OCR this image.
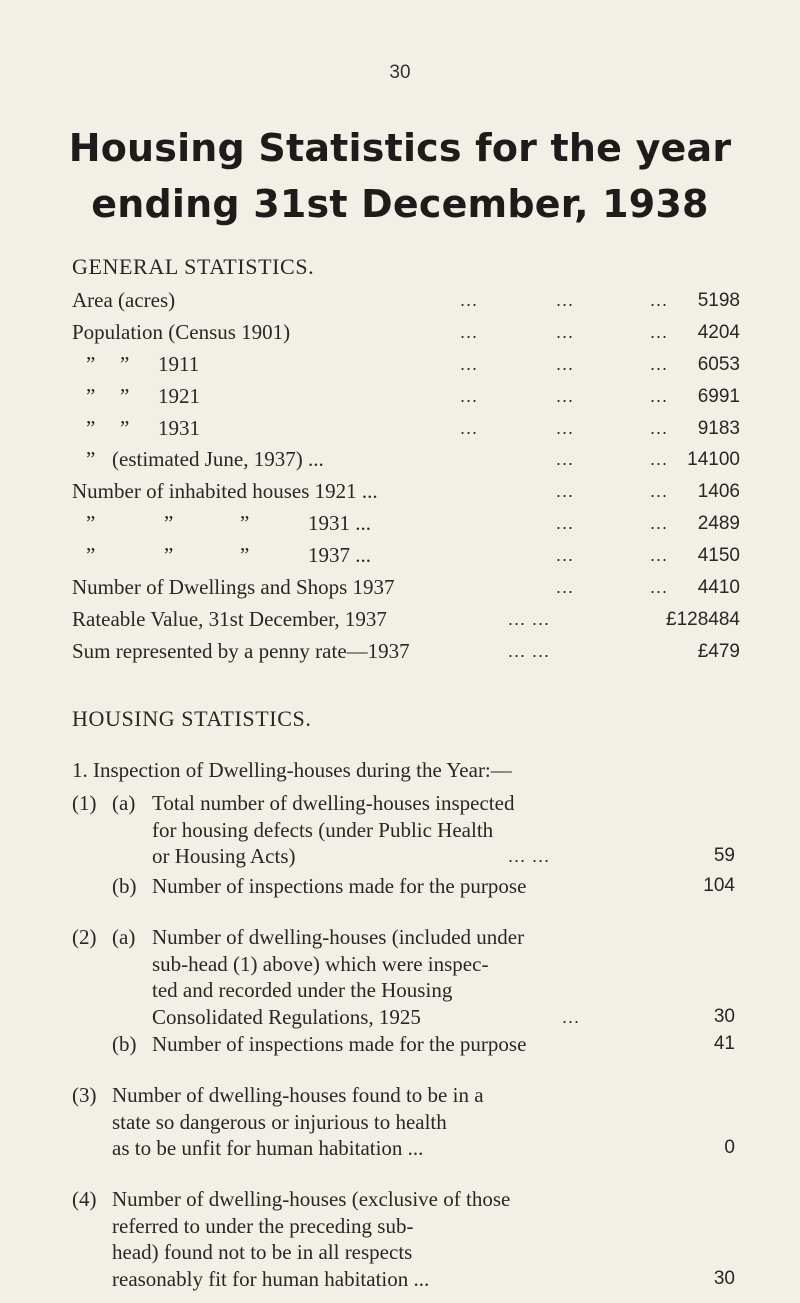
30
Housing Statistics for the year
ending 31st December, 1938
GENERAL STATISTICS.
Area (acres)	...	...	... 5198
Population (Census 1901)	...	...	... 4204
” ” 1911	...	...	... 6053
” ” 1921	...	...	... 6991
” ” 1931	...	...	... 9183
” (estimated June, 1937) ...	...	... 14100
Number of inhabited houses 1921 ...	...	... 1406
”	”	”	1931 ...	...	... 2489
”	”	”	1937 ...	...	... 4150
Number of Dwellings and Shops 1937	...	... 4410
Rateable Value, 31st December, 1937	... ...	£128484
Sum represented by a penny rate—1937	... ...	£479
HOUSING STATISTICS.
1. Inspection of Dwelling-houses during the Year:—
(1) (a) Total number of dwelling-houses inspected
for housing defects (under Public Health
or Housing Acts)	... ...	59
(b) Number of inspections made for the purpose	104
(2) (a) Number of dwelling-houses (included under
sub-head (1) above) which were inspec-
ted and recorded under the Housing
Consolidated Regulations, 1925	...	30
(b) Number of inspections made for the purpose	41
(3) Number of dwelling-houses found to be in a
state so dangerous or injurious to health
as to be unfit for human habitation ...	0
(4) Number of dwelling-houses (exclusive of those
referred to under the preceding sub-
head) found not to be in all respects
reasonably fit for human habitation ...	30
